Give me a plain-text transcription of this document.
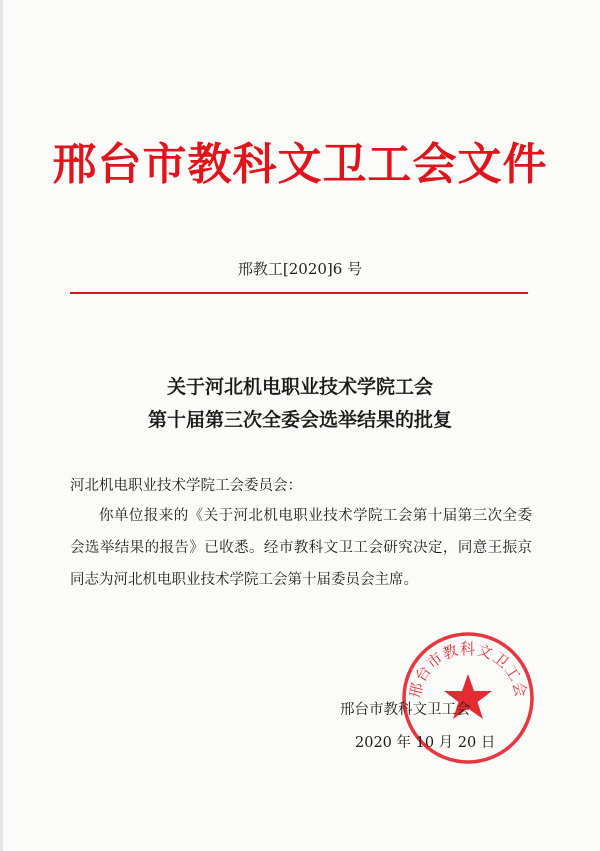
邢台市教科文卫工会文件
邢教工[2020]6 号
关于河北机电职业技术学院工会
第十届第三次全委会选举结果的批复
河北机电职业技术学院工会委员会：
你单位报来的《关于河北机电职业技术学院工会第十届第三次全委会选举结果的报告》已收悉。经市教科文卫工会研究决定，同意王振京同志为河北机电职业技术学院工会第十届委员会主席。
邢台市教科文卫工会
邢台市教科文卫工会
2020 年 10 月 20 日
